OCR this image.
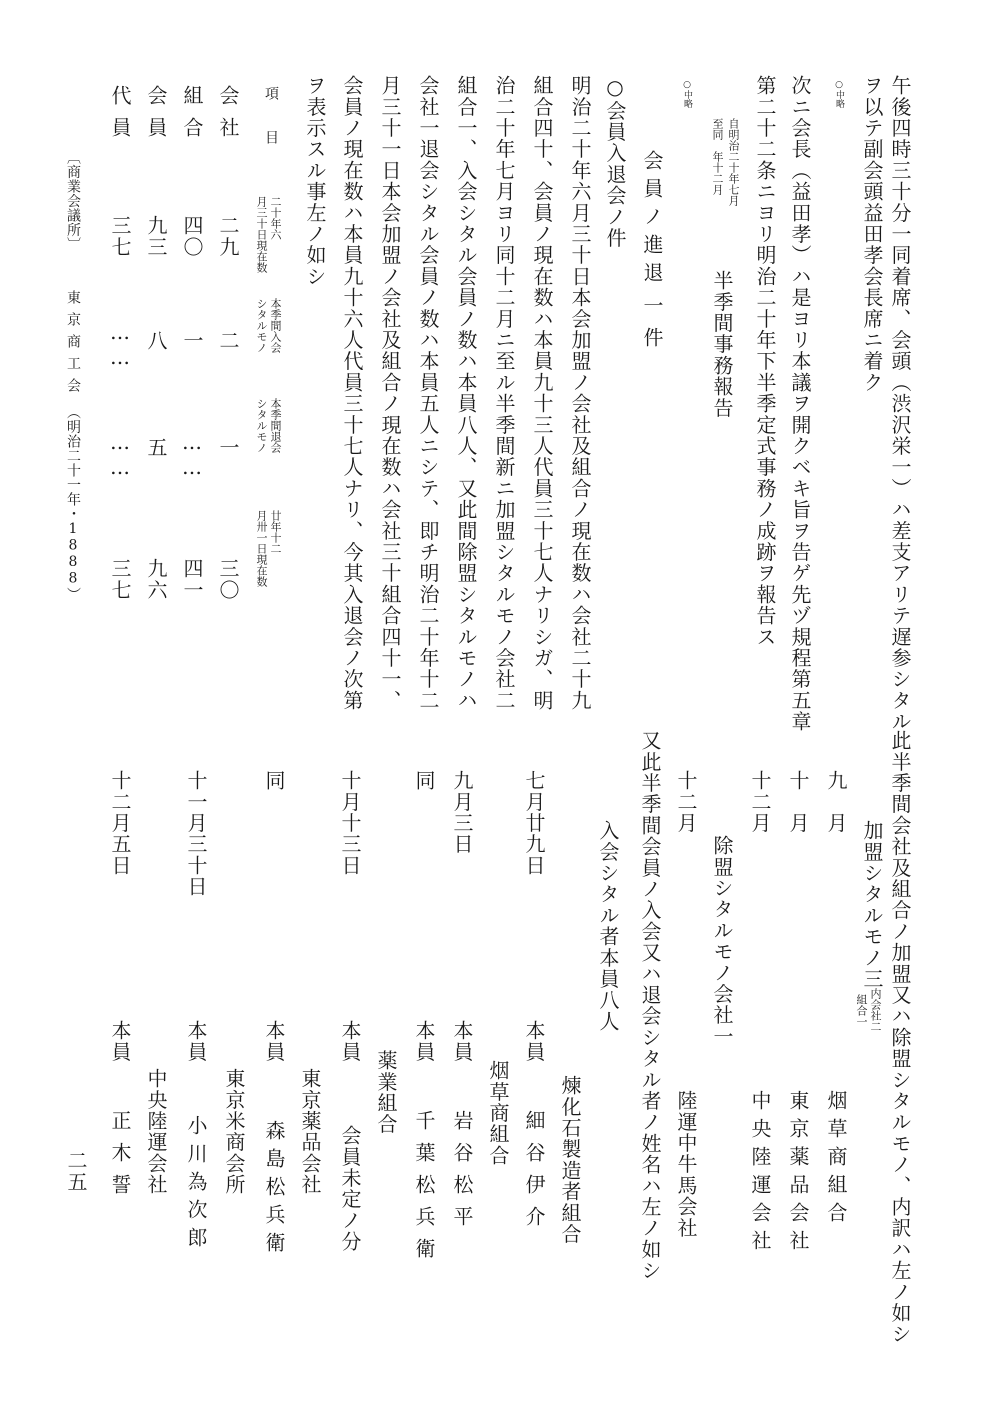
午後四時三十分一同着席、会頭（渋沢栄一）ハ差支アリテ遅参シタル
ヲ以テ副会頭益田孝会長席ニ着ク
○中略
次ニ会長（益田孝）ハ是ヨリ本議ヲ開クベキ旨ヲ告ゲ先ヅ規程第五章
第二十二条ニヨリ明治二十年下半季定式事務ノ成跡ヲ報告ス
自明治二十年七月
至同　年十二月
半季間事務報告
○中略
会員ノ進退
一件
○会員入退会ノ件
明治二十年六月三十日本会加盟ノ会社及組合ノ現在数ハ会社二十九
組合四十、会員ノ現在数ハ本員九十三人代員三十七人ナリシガ、明
治二十年七月ヨリ同十二月ニ至ル半季間新ニ加盟シタルモノ会社二
組合一、入会シタル会員ノ数ハ本員八人、又此間除盟シタルモノハ
会社一退会シタル会員ノ数ハ本員五人ニシテ、即チ明治二十年十二
月三十一日本会加盟ノ会社及組合ノ現在数ハ会社三十組合四十一、
会員ノ現在数ハ本員九十六人代員三十七人ナリ、今其入退会ノ次第
ヲ表示スル事左ノ如シ
項　目
二十年六
月三十日現在数
本季間入会
シタルモノ
本季間退会
シタルモノ
廿年十二
月卅一日現在数
会社
二九
二
一
三〇
組合
四〇
一
……
四一
会員
九三
八
五
九六
代員
三七
……
……
三七
〔商業会議所〕
東京商工会
（明治二十一年・1888）
此半季間会社及組合ノ加盟又ハ除盟シタルモノ、内訳ハ左ノ如シ
加盟シタルモノ三
内会社二
組合一
九　月
烟草商組合
十　月
東京薬品会社
十二月
中央陸運会社
除盟シタルモノ会社一
十二月
陸運中牛馬会社
又此半季間会員ノ入会又ハ退会シタル者ノ姓名ハ左ノ如シ
入会シタル者本員八人
七月廿九日
本員
煉化石製造者組合
細谷伊介
烟草商組合
九月三日
本員
岩谷松平
同
本員
千葉松兵衛
薬業組合
十月十三日
本員
会員未定ノ分
東京薬品会社
同
本員
森島松兵衛
東京米商会所
十一月三十日
本員
小川為次郎
中央陸運会社
十二月五日
本員
正木誓
二五
